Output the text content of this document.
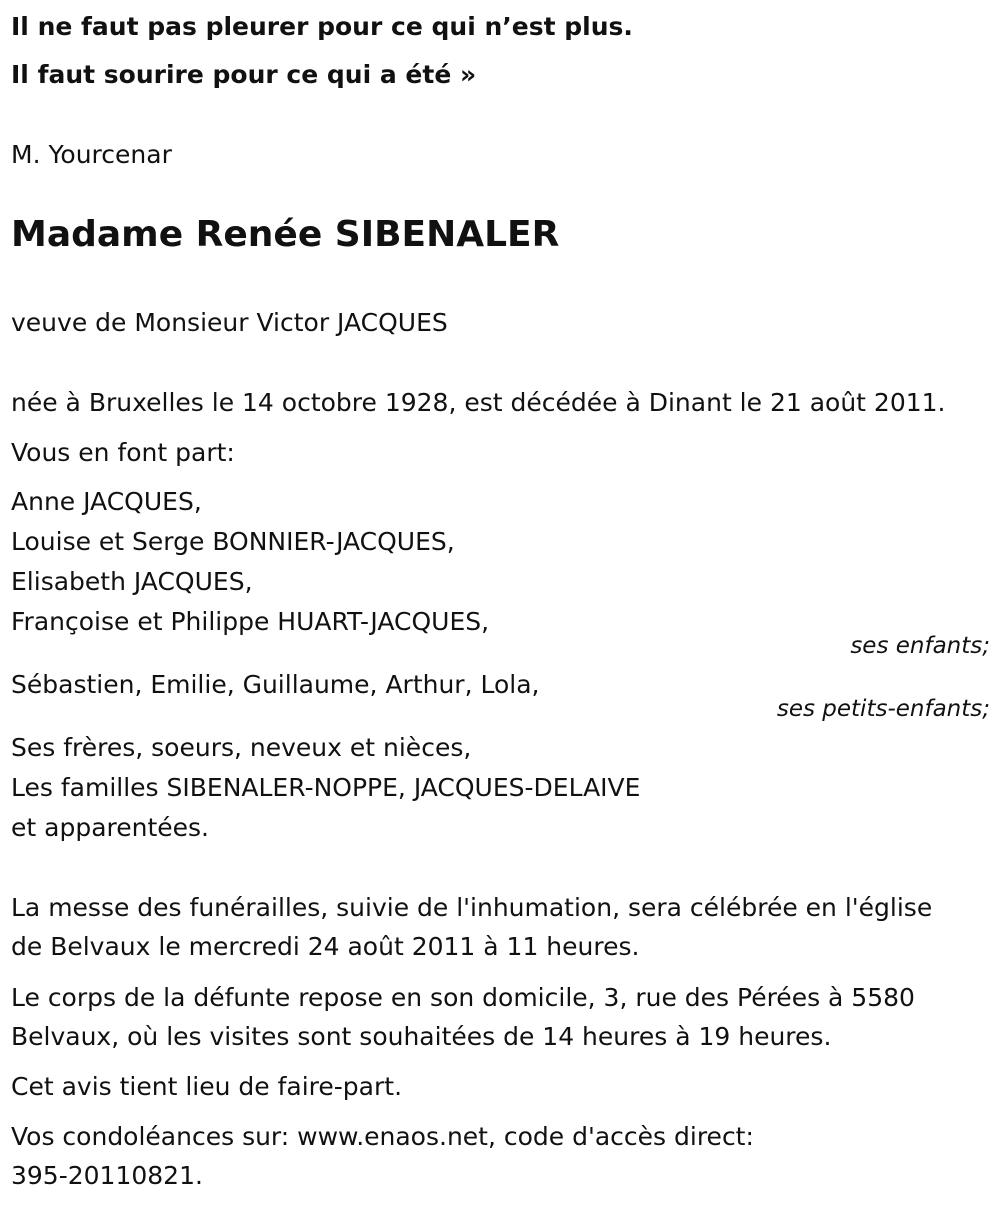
Il ne faut pas pleurer pour ce qui n’est plus.
Il faut sourire pour ce qui a été »
M. Yourcenar
Madame Renée SIBENALER
veuve de Monsieur Victor JACQUES
née à Bruxelles le 14 octobre 1928, est décédée à Dinant le 21 août 2011.
Vous en font part:
Anne JACQUES,
Louise et Serge BONNIER-JACQUES,
Elisabeth JACQUES,
Françoise et Philippe HUART-JACQUES,
ses enfants;
Sébastien, Emilie, Guillaume, Arthur, Lola,
ses petits-enfants;
Ses frères, soeurs, neveux et nièces,
Les familles SIBENALER-NOPPE, JACQUES-DELAIVE
et apparentées.
La messe des funérailles, suivie de l'inhumation, sera célébrée en l'église
de Belvaux le mercredi 24 août 2011 à 11 heures.
Le corps de la défunte repose en son domicile, 3, rue des Pérées à 5580
Belvaux, où les visites sont souhaitées de 14 heures à 19 heures.
Cet avis tient lieu de faire-part.
Vos condoléances sur: www.enaos.net, code d'accès direct:
395-20110821.
